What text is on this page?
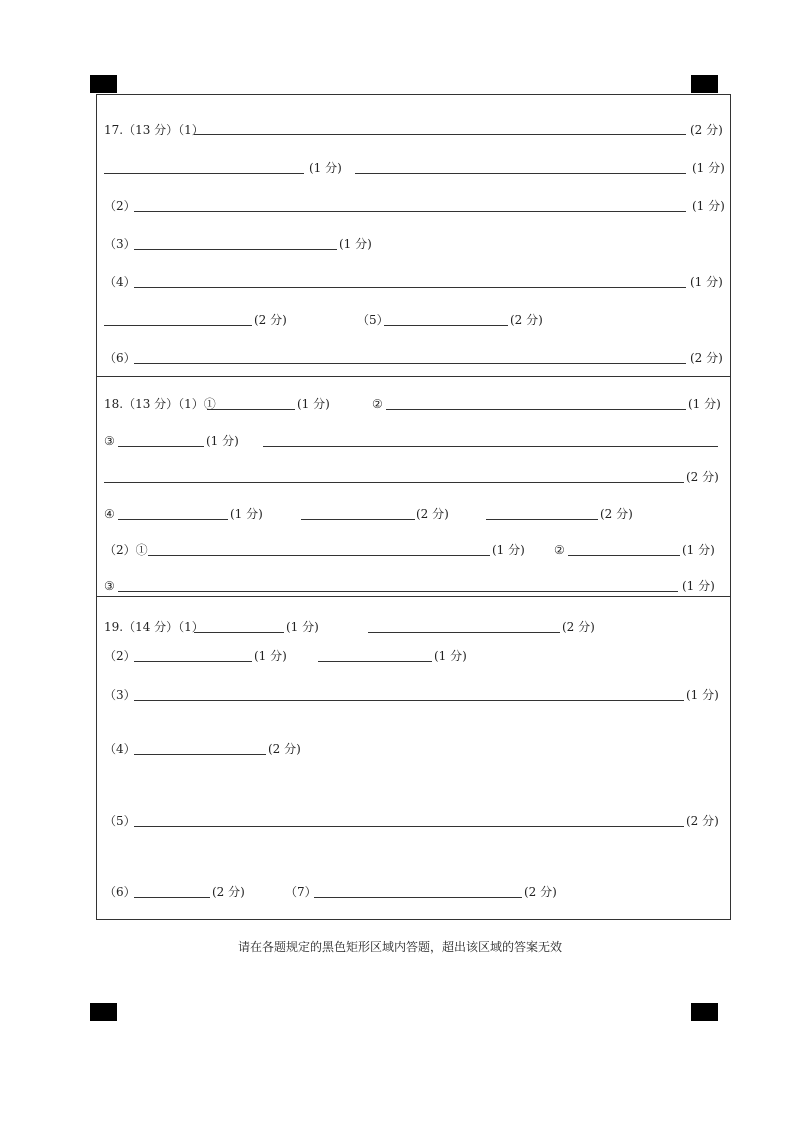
17.（13 分）（1）	(2 分)
(1 分)	(1 分)
（2）	(1 分)
（3）	(1 分)
（4）	(1 分)
(2 分)	（5）	(2 分)
（6）	(2 分)
18.（13 分）（1）①	(1 分)	②	(1 分)
③	(1 分)
(2 分)
④	(1 分)	(2 分)	(2 分)
（2）①	(1 分) ②	(1 分)
③	(1 分)
19.（14 分）（1）	(1 分)	(2 分)
（2）	(1 分)	(1 分)
（3）	(1 分)
（4）	(2 分)
（5）	(2 分)
（6）	(2 分)	（7）	(2 分)
请在各题规定的黑色矩形区域内答题，超出该区域的答案无效
